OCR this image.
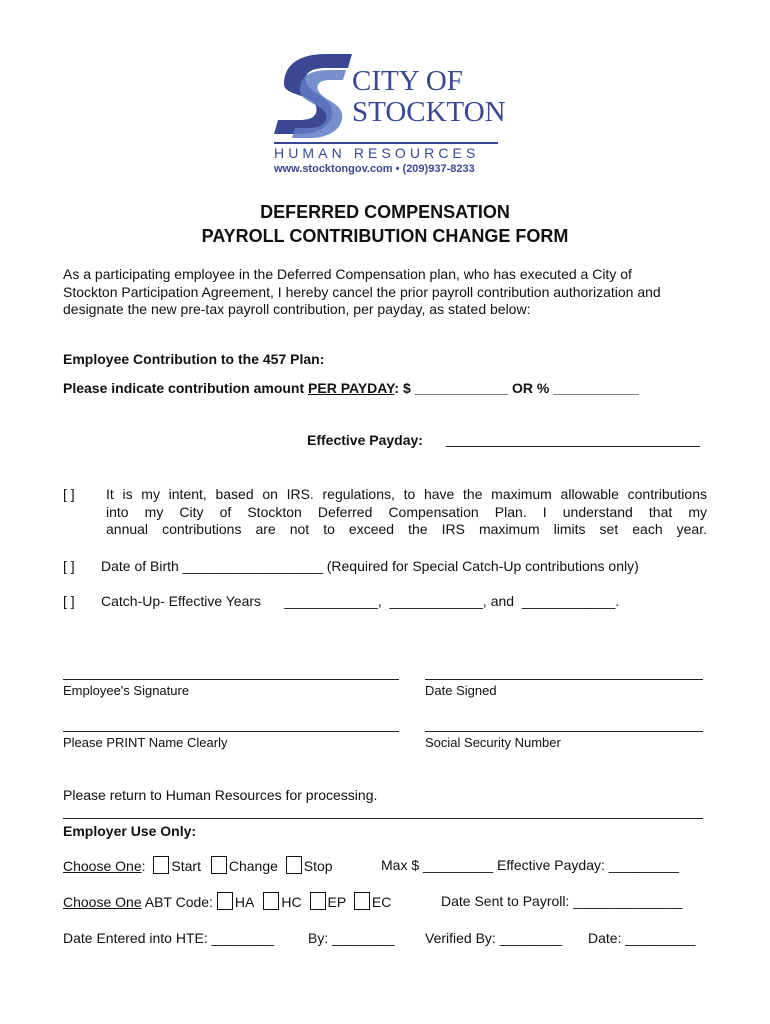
CITY OF
STOCKTON
HUMAN RESOURCES
www.stocktongov.com • (209)937-8233
DEFERRED COMPENSATION
PAYROLL CONTRIBUTION CHANGE FORM
As a participating employee in the Deferred Compensation plan, who has executed a City of
Stockton Participation Agreement, I hereby cancel the prior payroll contribution authorization and
designate the new pre-tax payroll contribution, per payday, as stated below:
Employee Contribution to the 457 Plan:
Please indicate contribution amount PER PAYDAY: $ ____________ OR % ___________
Effective Payday:
[ ] It is my intent, based on IRS. regulations, to have the maximum allowable contributions
into my City of Stockton Deferred Compensation Plan. I understand that my
annual contributions are not to exceed the IRS maximum limits set each year.
[ ] Date of Birth __________________ (Required for Special Catch-Up contributions only)
[ ] Catch-Up- Effective Years      ____________,  ____________, and  ____________.
Employee's Signature	Date Signed
Please PRINT Name Clearly	Social Security Number
Please return to Human Resources for processing.
Employer Use Only:
Choose One: Start Change Stop	Max $ _________ Effective Payday: _________
Choose One ABT Code: HA HC EP EC	Date Sent to Payroll: ______________
Date Entered into HTE: ________ By: ________ Verified By: ________ Date: _________
